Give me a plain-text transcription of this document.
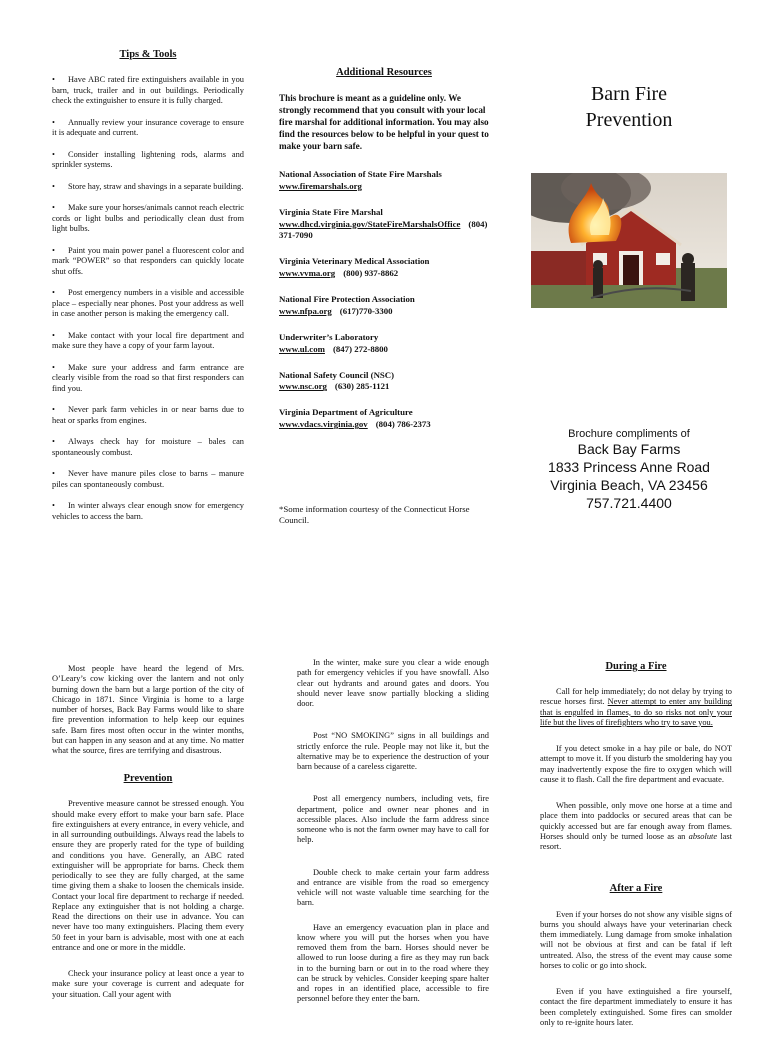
Tips & Tools
• Have ABC rated fire extinguishers available in you barn, truck, trailer and in out buildings. Periodically check the extinguisher to ensure it is fully charged.
• Annually review your insurance coverage to ensure it is adequate and current.
• Consider installing lightening rods, alarms and sprinkler systems.
• Store hay, straw and shavings in a separate building.
• Make sure your horses/animals cannot reach electric cords or light bulbs and periodically clean dust from light bulbs.
• Paint you main power panel a fluorescent color and mark “POWER” so that responders can quickly locate shut offs.
• Post emergency numbers in a visible and accessible place – especially near phones. Post your address as well in case another person is making the emergency call.
• Make contact with your local fire department and make sure they have a copy of your farm layout.
• Make sure your address and farm entrance are clearly visible from the road so that first responders can find you.
• Never park farm vehicles in or near barns due to heat or sparks from engines.
• Always check hay for moisture – bales can spontaneously combust.
• Never have manure piles close to barns – manure piles can spontaneously combust.
• In winter always clear enough snow for emergency vehicles to access the barn.
Additional Resources
This brochure is meant as a guideline only. We strongly recommend that you consult with your local fire marshal for additional information. You may also find the resources below to be helpful in your quest to make your barn safe.
National Association of State Fire Marshals
www.firemarshals.org
Virginia State Fire Marshal
www.dhcd.virginia.gov/StateFireMarshalsOffice (804) 371-7090
Virginia Veterinary Medical Association
www.vvma.org (800) 937-8862
National Fire Protection Association
www.nfpa.org (617)770-3300
Underwriter’s Laboratory
www.ul.com (847) 272-8800
National Safety Council (NSC)
www.nsc.org (630) 285-1121
Virginia Department of Agriculture
www.vdacs.virginia.gov (804) 786-2373
*Some information courtesy of the Connecticut Horse Council.
Barn Fire
Prevention
Brochure compliments of
Back Bay Farms
1833 Princess Anne Road
Virginia Beach, VA 23456
757.721.4400

Most people have heard the legend of Mrs. O’Leary’s cow kicking over the lantern and not only burning down the barn but a large portion of the city of Chicago in 1871. Since Virginia is home to a large number of horses, Back Bay Farms would like to share fire prevention information to help keep our equines safe. Barn fires most often occur in the winter months, but can happen in any season and at any time. No matter what the source, fires are terrifying and disastrous.

Prevention

Preventive measure cannot be stressed enough. You should make every effort to make your barn safe. Place fire extinguishers at every entrance, in every vehicle, and in all surrounding outbuildings. Always read the labels to ensure they are properly rated for the type of building and conditions you have. Generally, an ABC rated extinguisher will be appropriate for barns. Check them periodically to see they are fully charged, at the same time giving them a shake to loosen the chemicals inside. Contact your local fire department to recharge if needed. Replace any extinguisher that is not holding a charge. Read the directions on their use in advance. You can never have too many extinguishers. Placing them every 50 feet in your barn is advisable, most with one at each entrance and one or more in the middle.

Check your insurance policy at least once a year to make sure your coverage is current and adequate for your situation. Call your agent with

In the winter, make sure you clear a wide enough path for emergency vehicles if you have snowfall. Also clear out hydrants and around gates and doors. You should never leave snow partially blocking a sliding door.

Post “NO SMOKING” signs in all buildings and strictly enforce the rule. People may not like it, but the alternative may be to experience the destruction of your barn because of a careless cigarette.

Post all emergency numbers, including vets, fire department, police and owner near phones and in accessible places. Also include the farm address since someone who is not the farm owner may have to call for help.

Double check to make certain your farm address and entrance are visible from the road so emergency vehicle will not waste valuable time searching for the barn.

Have an emergency evacuation plan in place and know where you will put the horses when you have removed them from the barn. Horses should never be allowed to run loose during a fire as they may run back in to the burning barn or out in to the road where they can be struck by vehicles. Consider keeping spare halter and ropes in an identified place, accessible to fire personnel before they enter the barn.

During a Fire

Call for help immediately; do not delay by trying to rescue horses first. Never attempt to enter any building that is engulfed in flames, to do so risks not only your life but the lives of firefighters who try to save you.

If you detect smoke in a hay pile or bale, do NOT attempt to move it. If you disturb the smoldering hay you may inadvertently expose the fire to oxygen which will cause it to flash. Call the fire department and evacuate.

When possible, only move one horse at a time and place them into paddocks or secured areas that can be quickly accessed but are far enough away from flames. Horses should only be turned loose as an absolute last resort.

After a Fire

Even if your horses do not show any visible signs of burns you should always have your veterinarian check them immediately. Lung damage from smoke inhalation will not be obvious at first and can be fatal if left untreated. Also, the stress of the event may cause some horses to colic or go into shock.

Even if you have extinguished a fire yourself, contact the fire department immediately to ensure it has been completely extinguished. Some fires can smolder only to re-ignite hours later.
